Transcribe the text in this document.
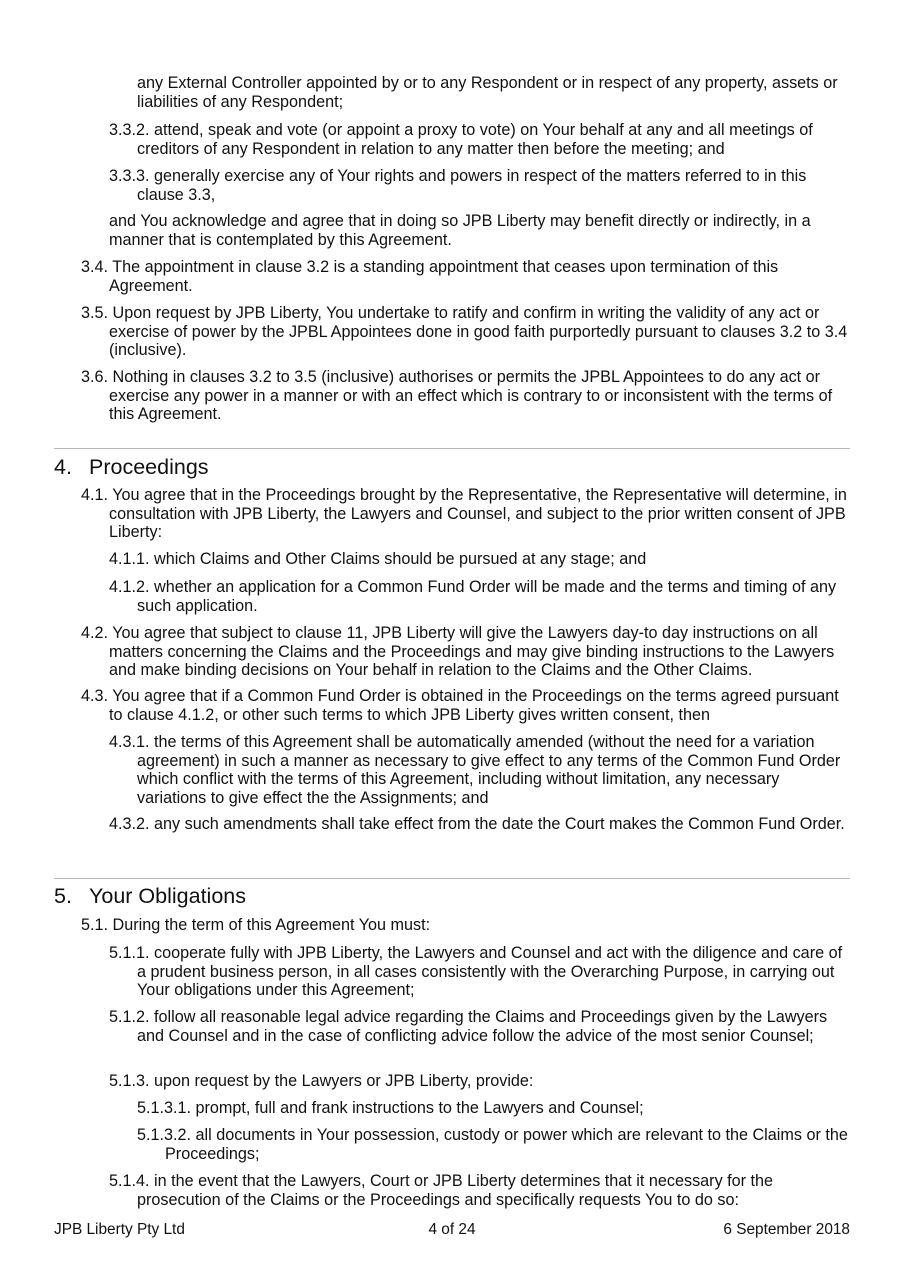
any External Controller appointed by or to any Respondent or in respect of any property, assets or liabilities of any Respondent;
3.3.2. attend, speak and vote (or appoint a proxy to vote) on Your behalf at any and all meetings of creditors of any Respondent in relation to any matter then before the meeting; and
3.3.3. generally exercise any of Your rights and powers in respect of the matters referred to in this clause 3.3,
and You acknowledge and agree that in doing so JPB Liberty may benefit directly or indirectly, in a manner that is contemplated by this Agreement.
3.4. The appointment in clause 3.2 is a standing appointment that ceases upon termination of this Agreement.
3.5. Upon request by JPB Liberty, You undertake to ratify and confirm in writing the validity of any act or exercise of power by the JPBL Appointees done in good faith purportedly pursuant to clauses 3.2 to 3.4 (inclusive).
3.6. Nothing in clauses 3.2 to 3.5 (inclusive) authorises or permits the JPBL Appointees to do any act or exercise any power in a manner or with an effect which is contrary to or inconsistent with the terms of this Agreement.
4. Proceedings
4.1. You agree that in the Proceedings brought by the Representative, the Representative will determine, in consultation with JPB Liberty, the Lawyers and Counsel, and subject to the prior written consent of JPB Liberty:
4.1.1. which Claims and Other Claims should be pursued at any stage; and
4.1.2. whether an application for a Common Fund Order will be made and the terms and timing of any such application.
4.2. You agree that subject to clause 11, JPB Liberty will give the Lawyers day-to day instructions on all matters concerning the Claims and the Proceedings and may give binding instructions to the Lawyers and make binding decisions on Your behalf in relation to the Claims and the Other Claims.
4.3. You agree that if a Common Fund Order is obtained in the Proceedings on the terms agreed pursuant to clause 4.1.2, or other such terms to which JPB Liberty gives written consent, then
4.3.1. the terms of this Agreement shall be automatically amended (without the need for a variation agreement) in such a manner as necessary to give effect to any terms of the Common Fund Order which conflict with the terms of this Agreement, including without limitation, any necessary variations to give effect the the Assignments; and
4.3.2. any such amendments shall take effect from the date the Court makes the Common Fund Order.
5. Your Obligations
5.1. During the term of this Agreement You must:
5.1.1. cooperate fully with JPB Liberty, the Lawyers and Counsel and act with the diligence and care of a prudent business person, in all cases consistently with the Overarching Purpose, in carrying out Your obligations under this Agreement;
5.1.2. follow all reasonable legal advice regarding the Claims and Proceedings given by the Lawyers and Counsel and in the case of conflicting advice follow the advice of the most senior Counsel;
5.1.3. upon request by the Lawyers or JPB Liberty, provide:
5.1.3.1. prompt, full and frank instructions to the Lawyers and Counsel;
5.1.3.2. all documents in Your possession, custody or power which are relevant to the Claims or the Proceedings;
5.1.4. in the event that the Lawyers, Court or JPB Liberty determines that it necessary for the prosecution of the Claims or the Proceedings and specifically requests You to do so:
JPB Liberty Pty Ltd	4 of 24	6 September 2018
